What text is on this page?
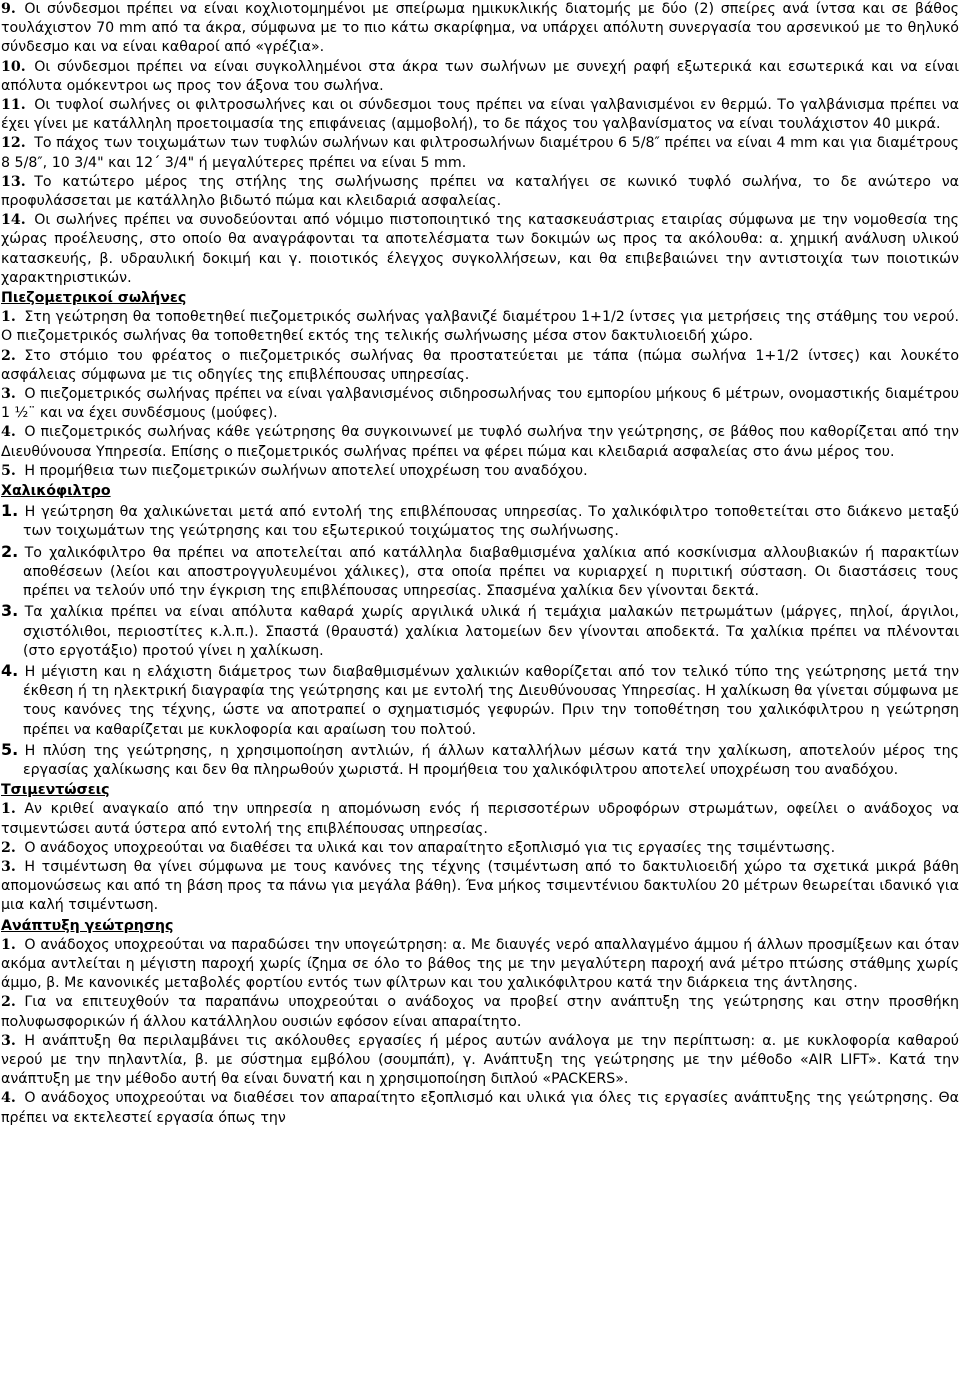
9. Οι σύνδεσμοι πρέπει να είναι κοχλιοτομημένοι με σπείρωμα ημικυκλικής διατομής με δύο (2) σπείρες ανά ίντσα και σε βάθος τουλάχιστον 70 mm από τα άκρα, σύμφωνα με το πιο κάτω σκαρίφημα, να υπάρχει απόλυτη συνεργασία του αρσενικού με το θηλυκό σύνδεσμο και να είναι καθαροί από «γρέζια».

10. Οι σύνδεσμοι πρέπει να είναι συγκολλημένοι στα άκρα των σωλήνων με συνεχή ραφή εξωτερικά και εσωτερικά και να είναι απόλυτα ομόκεντροι ως προς τον άξονα του σωλήνα.

11. Οι τυφλοί σωλήνες οι φιλτροσωλήνες και οι σύνδεσμοι τους πρέπει να είναι γαλβανισμένοι εν θερμώ. Το γαλβάνισμα πρέπει να έχει γίνει με κατάλληλη προετοιμασία της επιφάνειας (αμμοβολή), το δε πάχος του γαλβανίσματος να είναι τουλάχιστον 40 μικρά.

12. Το πάχος των τοιχωμάτων των τυφλών σωλήνων και φιλτροσωλήνων διαμέτρου 6 5/8″ πρέπει να είναι 4 mm και για διαμέτρους 8 5/8″, 10 3/4" και 12΄ 3/4" ή μεγαλύτερες πρέπει να είναι 5 mm.

13. Το κατώτερο μέρος της στήλης της σωλήνωσης πρέπει να καταλήγει σε κωνικό τυφλό σωλήνα, το δε ανώτερο να προφυλάσσεται με κατάλληλο βιδωτό πώμα και κλειδαριά ασφαλείας.

14. Οι σωλήνες πρέπει να συνοδεύονται από νόμιμο πιστοποιητικό της κατασκευάστριας εταιρίας σύμφωνα με την νομοθεσία της χώρας προέλευσης, στο οποίο θα αναγράφονται τα αποτελέσματα των δοκιμών ως προς τα ακόλουθα: α. χημική ανάλυση υλικού κατασκευής, β. υδραυλική δοκιμή και γ. ποιοτικός έλεγχος συγκολλήσεων, και θα επιβεβαιώνει την αντιστοιχία των ποιοτικών χαρακτηριστικών.

Πιεζομετρικοί σωλήνες

1. Στη γεώτρηση θα τοποθετηθεί πιεζομετρικός σωλήνας γαλβανιζέ διαμέτρου 1+1/2 ίντσες για μετρήσεις της στάθμης του νερού. Ο πιεζομετρικός σωλήνας θα τοποθετηθεί εκτός της τελικής σωλήνωσης μέσα στον δακτυλιοειδή χώρο.

2. Στο στόμιο του φρέατος ο πιεζομετρικός σωλήνας θα προστατεύεται με τάπα (πώμα σωλήνα 1+1/2 ίντσες) και λουκέτο ασφάλειας σύμφωνα με τις οδηγίες της επιβλέπουσας υπηρεσίας.

3. Ο πιεζομετρικός σωλήνας πρέπει να είναι γαλβανισμένος σιδηροσωλήνας του εμπορίου μήκους 6 μέτρων, ονομαστικής διαμέτρου 1 ½¨ και να έχει συνδέσμους (μούφες).

4. Ο πιεζομετρικός σωλήνας κάθε γεώτρησης θα συγκοινωνεί με τυφλό σωλήνα την γεώτρησης, σε βάθος που καθορίζεται από την Διευθύνουσα Υπηρεσία. Επίσης ο πιεζομετρικός σωλήνας πρέπει να φέρει πώμα και κλειδαριά ασφαλείας στο άνω μέρος του.

5. Η προμήθεια των πιεζομετρικών σωλήνων αποτελεί υποχρέωση του αναδόχου.

Χαλικόφιλτρο

1. Η γεώτρηση θα χαλικώνεται μετά από εντολή της επιβλέπουσας υπηρεσίας. Το χαλικόφιλτρο τοποθετείται στο διάκενο μεταξύ των τοιχωμάτων της γεώτρησης και του εξωτερικού τοιχώματος της σωλήνωσης.

2. Το χαλικόφιλτρο θα πρέπει να αποτελείται από κατάλληλα διαβαθμισμένα χαλίκια από κοσκίνισμα αλλουβιακών ή παρακτίων αποθέσεων (λείοι και αποστρογγυλευμένοι χάλικες), στα οποία πρέπει να κυριαρχεί η πυριτική σύσταση. Οι διαστάσεις τους πρέπει να τελούν υπό την έγκριση της επιβλέπουσας υπηρεσίας. Σπασμένα χαλίκια δεν γίνονται δεκτά.

3. Τα χαλίκια πρέπει να είναι απόλυτα καθαρά χωρίς αργιλικά υλικά ή τεμάχια μαλακών πετρωμάτων (μάργες, πηλοί, άργιλοι, σχιστόλιθοι, περιοστίτες κ.λ.π.). Σπαστά (θραυστά) χαλίκια λατομείων δεν γίνονται αποδεκτά. Τα χαλίκια πρέπει να πλένονται (στο εργοτάξιο) προτού γίνει η χαλίκωση.

4. Η μέγιστη και η ελάχιστη διάμετρος των διαβαθμισμένων χαλικιών καθορίζεται από τον τελικό τύπο της γεώτρησης μετά την έκθεση ή τη ηλεκτρική διαγραφία της γεώτρησης και με εντολή της Διευθύνουσας Υπηρεσίας. Η χαλίκωση θα γίνεται σύμφωνα με τους κανόνες της τέχνης, ώστε να αποτραπεί ο σχηματισμός γεφυρών. Πριν την τοποθέτηση του χαλικόφιλτρου η γεώτρηση πρέπει να καθαρίζεται με κυκλοφορία και αραίωση του πολτού.

5. Η πλύση της γεώτρησης, η χρησιμοποίηση αντλιών, ή άλλων καταλλήλων μέσων κατά την χαλίκωση, αποτελούν μέρος της εργασίας χαλίκωσης και δεν θα πληρωθούν χωριστά. Η προμήθεια του χαλικόφιλτρου αποτελεί υποχρέωση του αναδόχου.

Τσιμεντώσεις

1. Αν κριθεί αναγκαίο από την υπηρεσία η απομόνωση ενός ή περισσοτέρων υδροφόρων στρωμάτων, οφείλει ο ανάδοχος να τσιμεντώσει αυτά ύστερα από εντολή της επιβλέπουσας υπηρεσίας.

2. Ο ανάδοχος υποχρεούται να διαθέσει τα υλικά και τον απαραίτητο εξοπλισμό για τις εργασίες της τσιμέντωσης.

3. Η τσιμέντωση θα γίνει σύμφωνα με τους κανόνες της τέχνης (τσιμέντωση από το δακτυλιοειδή χώρο τα σχετικά μικρά βάθη απομονώσεως και από τη βάση προς τα πάνω για μεγάλα βάθη). Ένα μήκος τσιμεντένιου δακτυλίου 20 μέτρων θεωρείται ιδανικό για μια καλή τσιμέντωση.

Ανάπτυξη γεώτρησης

1. Ο ανάδοχος υποχρεούται να παραδώσει την υπογεώτρηση: α. Με διαυγές νερό απαλλαγμένο άμμου ή άλλων προσμίξεων και όταν ακόμα αντλείται η μέγιστη παροχή χωρίς ίζημα σε όλο το βάθος της με την μεγαλύτερη παροχή ανά μέτρο πτώσης στάθμης χωρίς άμμο, β. Με κανονικές μεταβολές φορτίου εντός των φίλτρων και του χαλικόφιλτρου κατά την διάρκεια της άντλησης.

2. Για να επιτευχθούν τα παραπάνω υποχρεούται ο ανάδοχος να προβεί στην ανάπτυξη της γεώτρησης και στην προσθήκη πολυφωσφορικών ή άλλου κατάλληλου ουσιών εφόσον είναι απαραίτητο.

3. Η ανάπτυξη θα περιλαμβάνει τις ακόλουθες εργασίες ή μέρος αυτών ανάλογα με την περίπτωση: α. με κυκλοφορία καθαρού νερού με την πηλαντλία, β. με σύστημα εμβόλου (σουμπάπ), γ. Ανάπτυξη της γεώτρησης με την μέθοδο «AIR LIFT». Κατά την ανάπτυξη με την μέθοδο αυτή θα είναι δυνατή και η χρησιμοποίηση διπλού «PACKERS».

4. Ο ανάδοχος υποχρεούται να διαθέσει τον απαραίτητο εξοπλισμό και υλικά για όλες τις εργασίες ανάπτυξης της γεώτρησης. Θα πρέπει να εκτελεστεί εργασία όπως την
